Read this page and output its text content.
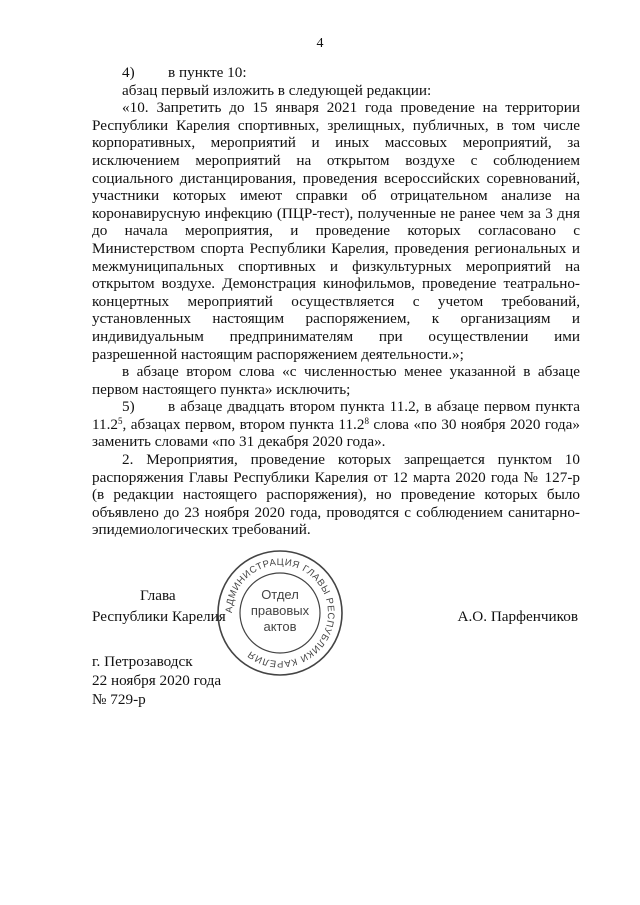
4

4) в пункте 10:

абзац первый изложить в следующей редакции:

«10. Запретить до 15 января 2021 года проведение на территории Республики Карелия спортивных, зрелищных, публичных, в том числе корпоративных, мероприятий и иных массовых мероприятий, за исключением мероприятий на открытом воздухе с соблюдением социального дистанцирования, проведения всероссийских соревнований, участники которых имеют справки об отрицательном анализе на коронавирусную инфекцию (ПЦР-тест), полученные не ранее чем за 3 дня до начала мероприятия, и проведение которых согласовано с Министерством спорта Республики Карелия, проведения региональных и межмуниципальных спортивных и физкультурных мероприятий на открытом воздухе. Демонстрация кинофильмов, проведение театрально-концертных мероприятий осуществляется с учетом требований, установленных настоящим распоряжением, к организациям и индивидуальным предпринимателям при осуществлении ими разрешенной настоящим распоряжением деятельности.»;

в абзаце втором слова «с численностью менее указанной в абзаце первом настоящего пункта» исключить;

5) в абзаце двадцать втором пункта 11.2, в абзаце первом пункта 11.2$^5$, абзацах первом, втором пункта 11.2$^8$ слова «по 30 ноября 2020 года» заменить словами «по 31 декабря 2020 года».

2. Мероприятия, проведение которых запрещается пунктом 10 распоряжения Главы Республики Карелия от 12 марта 2020 года № 127-р (в редакции настоящего распоряжения), но проведение которых было объявлено до 23 ноября 2020 года, проводятся с соблюдением санитарно-эпидемиологических требований.

Глава
Республики Карелия
АДМИНИСТРАЦИЯ ГЛАВЫ РЕСПУБЛИКИ КАРЕЛИЯ
Отдел
правовых
актов
А.О. Парфенчиков
г. Петрозаводск
22 ноября 2020 года
№ 729-р
